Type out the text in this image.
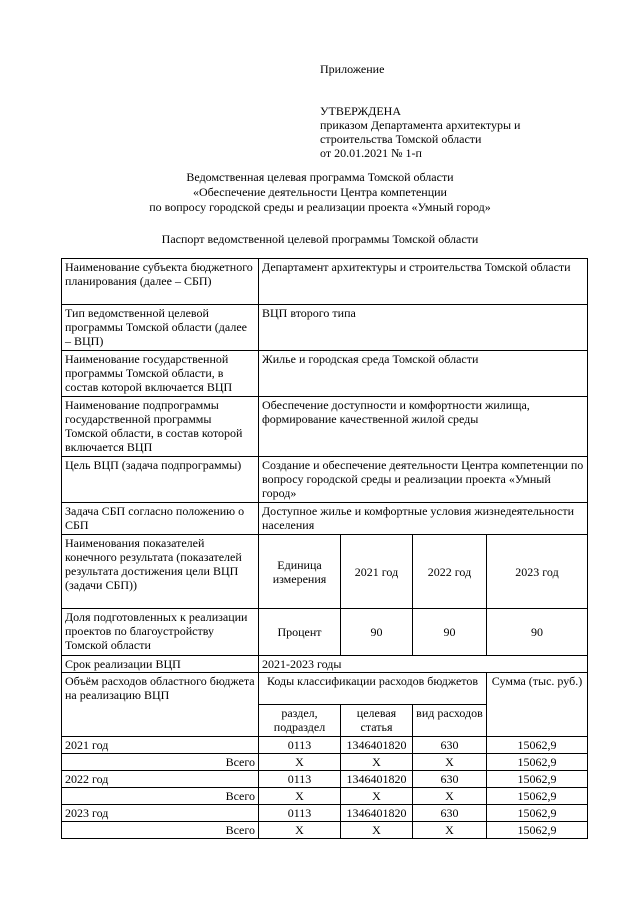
Приложение
УТВЕРЖДЕНА
приказом Департамента архитектуры и
строительства Томской области
от 20.01.2021 № 1-п
Ведомственная целевая программа Томской области
«Обеспечение деятельности Центра компетенции
по вопросу городской среды и реализации проекта «Умный город»
Паспорт ведомственной целевой программы Томской области
Наименование субъекта бюджетного планирования (далее – СБП)	Департамент архитектуры и строительства Томской области			
Тип ведомственной целевой программы Томской области (далее – ВЦП)	ВЦП второго типа			
Наименование государственной программы Томской области, в состав которой включается ВЦП	Жилье и городская среда Томской области			
Наименование подпрограммы государственной программы Томской области, в состав которой включается ВЦП	Обеспечение доступности и комфортности жилища, формирование качественной жилой среды			
Цель ВЦП (задача подпрограммы)	Создание и обеспечение деятельности Центра компетенции по вопросу городской среды и реализации проекта «Умный город»			
Задача СБП согласно положению о СБП	Доступное жилье и комфортные условия жизнедеятельности населения			
Наименования показателей конечного результата (показателей результата достижения цели ВЦП (задачи СБП))	Единица измерения	2021 год	2022 год	2023 год
Доля подготовленных к реализации проектов по благоустройству Томской области	Процент	90	90	90
Срок реализации ВЦП	2021-2023 годы			
Объём расходов областного бюджета на реализацию ВЦП	Коды классификации расходов бюджетов			Сумма (тыс. руб.)
	раздел, подраздел	целевая статья	вид расходов	
2021 год	0113	1346401820	630	15062,9
Всего	X	X	X	15062,9
2022 год	0113	1346401820	630	15062,9
Всего	X	X	X	15062,9
2023 год	0113	1346401820	630	15062,9
Всего	X	X	X	15062,9
